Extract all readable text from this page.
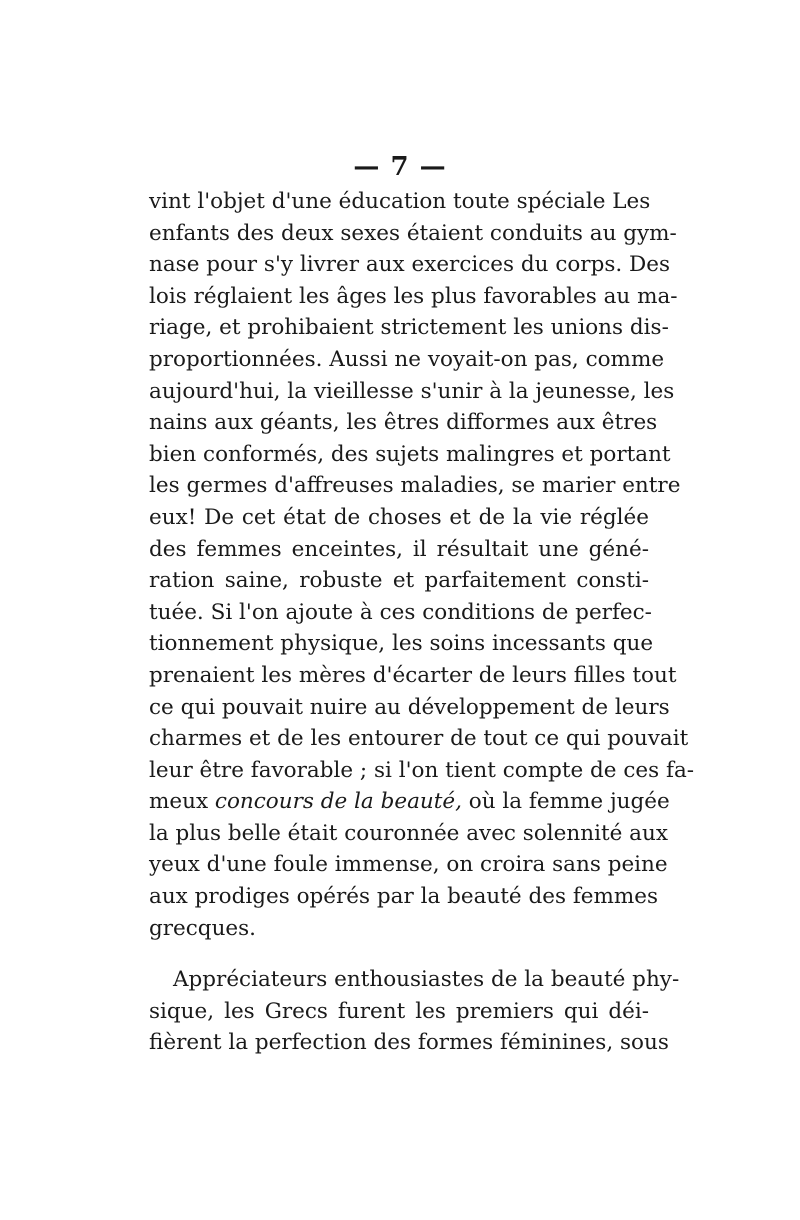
— 7 —
vint l'objet d'une éducation toute spéciale Les
enfants des deux sexes étaient conduits au gym-
nase pour s'y livrer aux exercices du corps. Des
lois réglaient les âges les plus favorables au ma-
riage, et prohibaient strictement les unions dis-
proportionnées. Aussi ne voyait-on pas, comme
aujourd'hui, la vieillesse s'unir à la jeunesse, les
nains aux géants, les êtres difformes aux êtres
bien conformés, des sujets malingres et portant
les germes d'affreuses maladies, se marier entre
eux! De cet état de choses et de la vie réglée
des femmes enceintes, il résultait une géné-
ration saine, robuste et parfaitement consti-
tuée. Si l'on ajoute à ces conditions de perfec-
tionnement physique, les soins incessants que
prenaient les mères d'écarter de leurs filles tout
ce qui pouvait nuire au développement de leurs
charmes et de les entourer de tout ce qui pouvait
leur être favorable ; si l'on tient compte de ces fa-
meux concours de la beauté, où la femme jugée
la plus belle était couronnée avec solennité aux
yeux d'une foule immense, on croira sans peine
aux prodiges opérés par la beauté des femmes
grecques.
Appréciateurs enthousiastes de la beauté phy-
sique, les Grecs furent les premiers qui déi-
fièrent la perfection des formes féminines, sous
